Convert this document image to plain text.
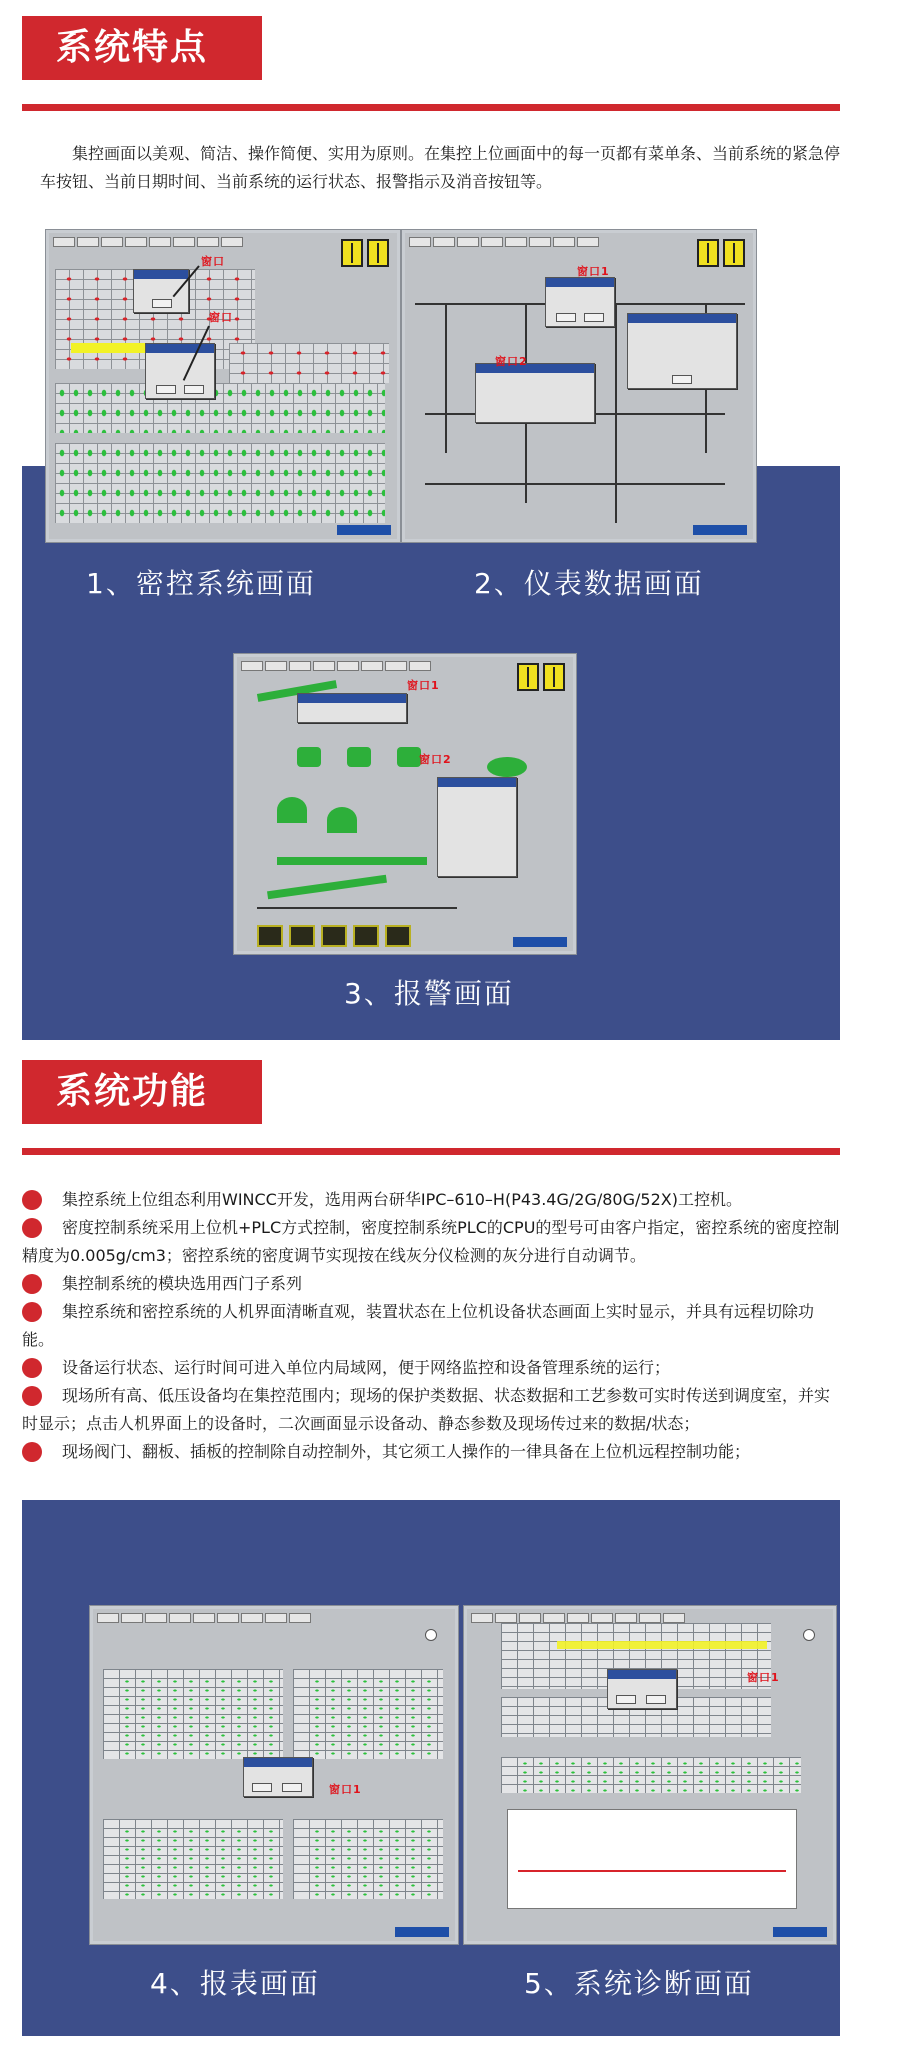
系统特点
集控画面以美观、简洁、操作简便、实用为原则。在集控上位画面中的每一页都有菜单条、当前系统的紧急停车按钮、当前日期时间、当前系统的运行状态、报警指示及消音按钮等。
窗口
窗口
窗口1
窗口2
1、密控系统画面	2、仪表数据画面
窗口1
窗口2
3、报警画面
系统功能
集控系统上位组态利用WINCC开发，选用两台研华IPC–610–H(P43.4G/2G/80G/52X)工控机。
密度控制系统采用上位机+PLC方式控制，密度控制系统PLC的CPU的型号可由客户指定，密控系统的密度控制精度为0.005g/cm3；密控系统的密度调节实现按在线灰分仪检测的灰分进行自动调节。
集控制系统的模块选用西门子系列
集控系统和密控系统的人机界面清晰直观，装置状态在上位机设备状态画面上实时显示，并具有远程切除功能。
设备运行状态、运行时间可进入单位内局域网，便于网络监控和设备管理系统的运行；
现场所有高、低压设备均在集控范围内；现场的保护类数据、状态数据和工艺参数可实时传送到调度室，并实时显示；点击人机界面上的设备时，二次画面显示设备动、静态参数及现场传过来的数据/状态；
现场阀门、翻板、插板的控制除自动控制外，其它须工人操作的一律具备在上位机远程控制功能；
窗口1
窗口1
4、报表画面	5、系统诊断画面
